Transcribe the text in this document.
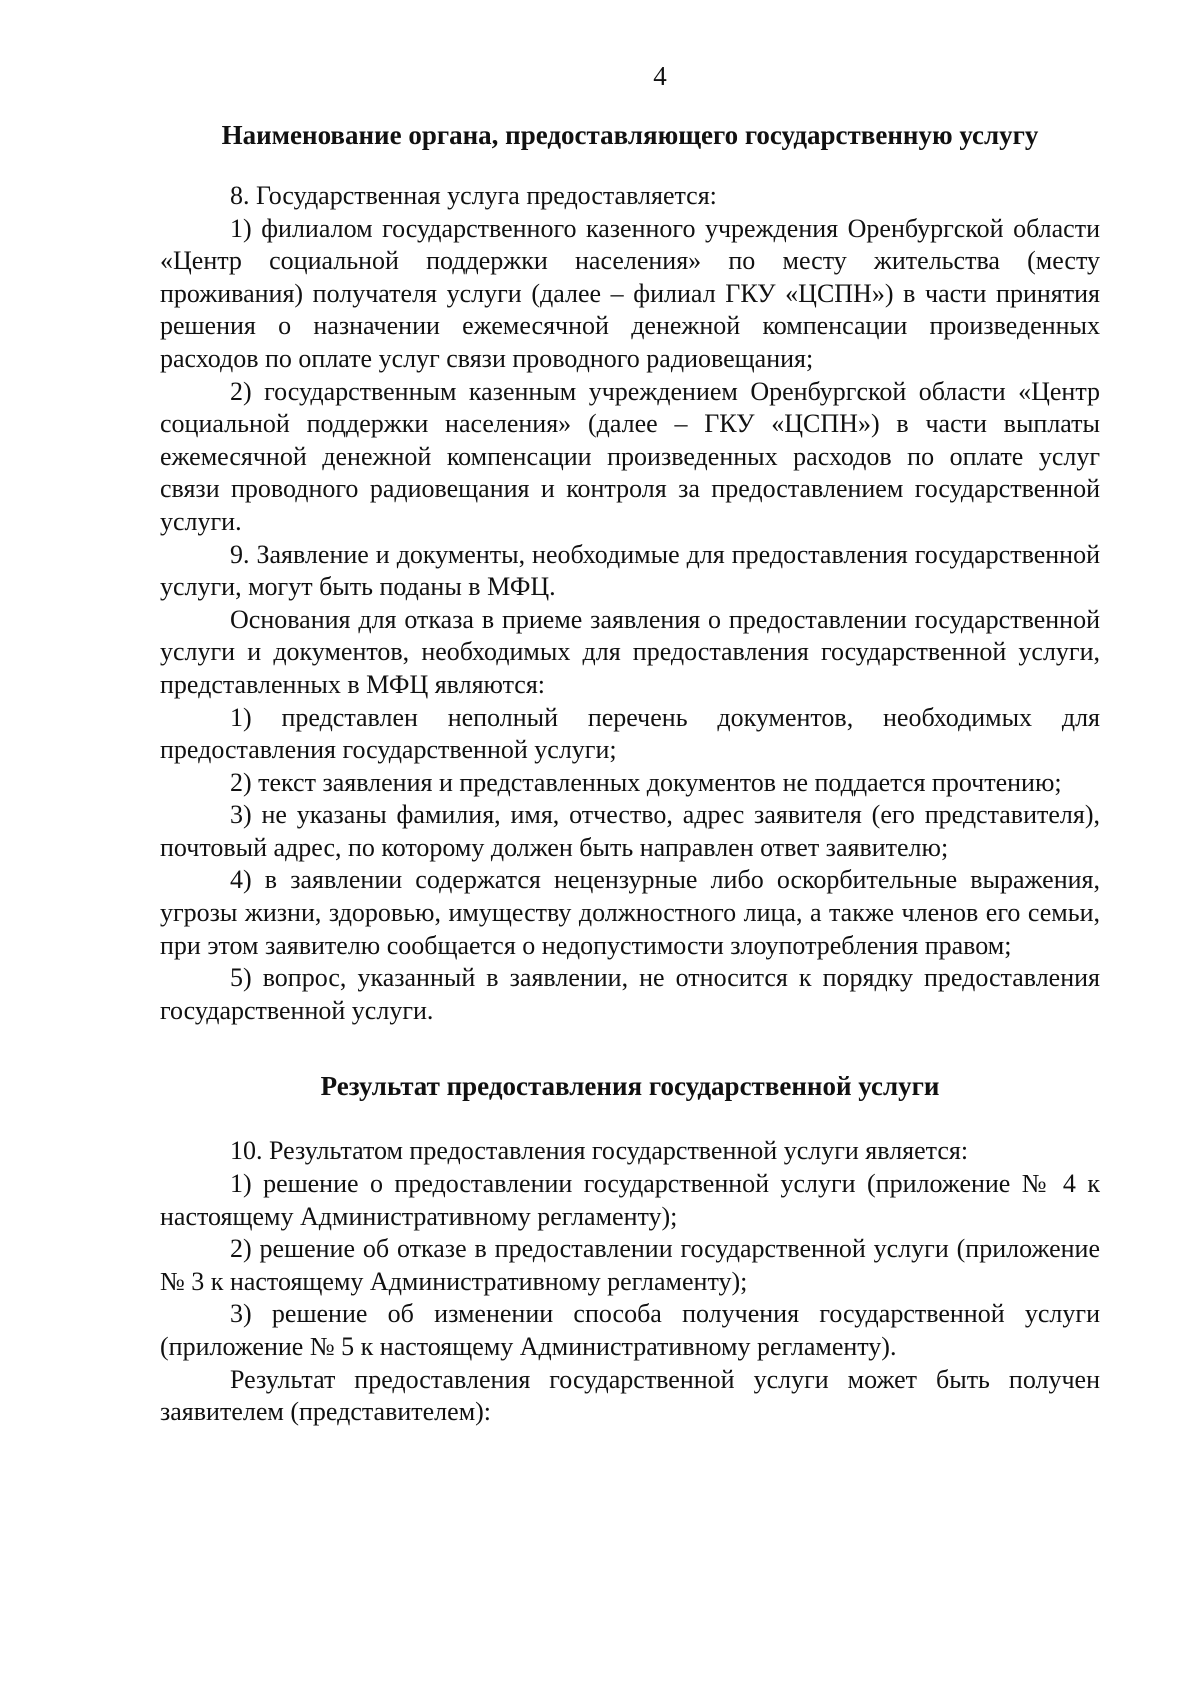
4
Наименование органа, предоставляющего государственную услугу

8. Государственная услуга предоставляется:

1) филиалом государственного казенного учреждения Оренбургской области «Центр социальной поддержки населения» по месту жительства (месту проживания) получателя услуги (далее – филиал ГКУ «ЦСПН») в части принятия решения о назначении ежемесячной денежной компенсации произведенных расходов по оплате услуг связи проводного радиовещания;

2) государственным казенным учреждением Оренбургской области «Центр социальной поддержки населения» (далее – ГКУ «ЦСПН») в части выплаты ежемесячной денежной компенсации произведенных расходов по оплате услуг связи проводного радиовещания и контроля за предоставлением государственной услуги.

9. Заявление и документы, необходимые для предоставления государственной услуги, могут быть поданы в МФЦ.

Основания для отказа в приеме заявления о предоставлении государственной услуги и документов, необходимых для предоставления государственной услуги, представленных в МФЦ являются:

1) представлен неполный перечень документов, необходимых для предоставления государственной услуги;

2) текст заявления и представленных документов не поддается прочтению;

3) не указаны фамилия, имя, отчество, адрес заявителя (его представителя), почтовый адрес, по которому должен быть направлен ответ заявителю;

4) в заявлении содержатся нецензурные либо оскорбительные выражения, угрозы жизни, здоровью, имуществу должностного лица, а также членов его семьи, при этом заявителю сообщается о недопустимости злоупотребления правом;

5) вопрос, указанный в заявлении, не относится к порядку предоставления государственной услуги.

Результат предоставления государственной услуги

10. Результатом предоставления государственной услуги является:

1) решение о предоставлении государственной услуги (приложение № 4 к настоящему Административному регламенту);

2) решение об отказе в предоставлении государственной услуги (приложение № 3 к настоящему Административному регламенту);

3) решение об изменении способа получения государственной услуги (приложение № 5 к настоящему Административному регламенту).

Результат предоставления государственной услуги может быть получен заявителем (представителем):
